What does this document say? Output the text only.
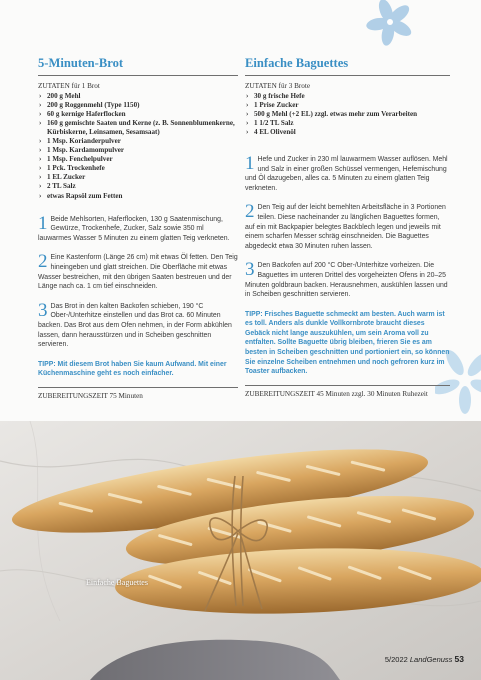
5-Minuten-Brot
ZUTATEN für 1 Brot
› 200 g Mehl
› 200 g Roggenmehl (Type 1150)
› 60 g kernige Haferflocken
› 160 g gemischte Saaten und Kerne (z. B. Sonnenblumenkerne, Kürbiskerne, Leinsamen, Sesamsaat)
› 1 Msp. Korianderpulver
› 1 Msp. Kardamompulver
› 1 Msp. Fenchelpulver
› 1 Pck. Trockenhefe
› 1 EL Zucker
› 2 TL Salz
› etwas Rapsöl zum Fetten

1 Beide Mehlsorten, Haferflocken, 130 g Saatenmischung, Gewürze, Trockenhefe, Zucker, Salz sowie 350 ml lauwarmes Wasser 5 Minuten zu einem glatten Teig verkneten.

2 Eine Kastenform (Länge 26 cm) mit etwas Öl fetten. Den Teig hineingeben und glatt streichen. Die Oberfläche mit etwas Wasser bestreichen, mit den übrigen Saaten bestreuen und der Länge nach ca. 1 cm tief einschneiden.

3 Das Brot in den kalten Backofen schieben, 190 °C Ober-/Unterhitze einstellen und das Brot ca. 60 Minuten backen. Das Brot aus dem Ofen nehmen, in der Form abkühlen lassen, dann herausstürzen und in Scheiben geschnitten servieren.

TIPP: Mit diesem Brot haben Sie kaum Aufwand. Mit einer Küchenmaschine geht es noch einfacher.

ZUBEREITUNGSZEIT 75 Minuten
Einfache Baguettes
ZUTATEN für 3 Brote
› 30 g frische Hefe
› 1 Prise Zucker
› 500 g Mehl (+2 EL) zzgl. etwas mehr zum Verarbeiten
› 1 1/2 TL Salz
› 4 EL Olivenöl

1 Hefe und Zucker in 230 ml lauwarmem Wasser auflösen. Mehl und Salz in einer großen Schüssel vermengen, Hefemischung und Öl dazugeben, alles ca. 5 Minuten zu einem glatten Teig verkneten.

2 Den Teig auf der leicht bemehlten Arbeitsfläche in 3 Portionen teilen. Diese nacheinander zu länglichen Baguettes formen, auf ein mit Backpapier belegtes Backblech legen und jeweils mit einem scharfen Messer schräg einschneiden. Die Baguettes abgedeckt etwa 30 Minuten ruhen lassen.

3 Den Backofen auf 200 °C Ober-/Unterhitze vorheizen. Die Baguettes im unteren Drittel des vorgeheizten Ofens in 20–25 Minuten goldbraun backen. Herausnehmen, auskühlen lassen und in Scheiben geschnitten servieren.

TIPP: Frisches Baguette schmeckt am besten. Auch warm ist es toll. Anders als dunkle Vollkornbrote braucht dieses Gebäck nicht lange auszukühlen, um sein Aroma voll zu entfalten. Sollte Baguette übrig bleiben, frieren Sie es am besten in Scheiben geschnitten und portioniert ein, so können Sie einzelne Scheiben entnehmen und noch gefroren kurz im Toaster aufbacken.

ZUBEREITUNGSZEIT 45 Minuten zzgl. 30 Minuten Ruhezeit
Einfache Baguettes
5/2022 LandGenuss 53
